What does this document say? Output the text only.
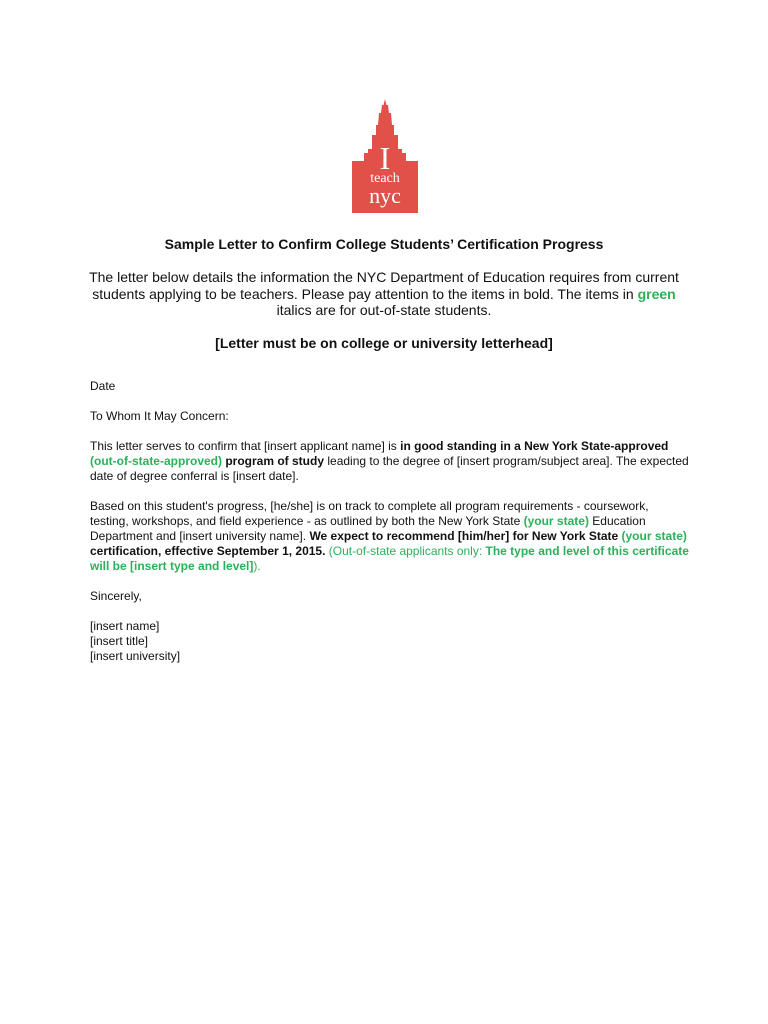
I
teach
nyc
Sample Letter to Confirm College Students’ Certification Progress
The letter below details the information the NYC Department of Education requires from current students applying to be teachers. Please pay attention to the items in bold. The items in green italics are for out-of-state students.
[Letter must be on college or university letterhead]

Date

To Whom It May Concern:

This letter serves to confirm that [insert applicant name] is in good standing in a New York State-approved (out-of-state-approved) program of study leading to the degree of [insert program/subject area]. The expected date of degree conferral is [insert date].

Based on this student's progress, [he/she] is on track to complete all program requirements - coursework, testing, workshops, and field experience - as outlined by both the New York State (your state) Education Department and [insert university name]. We expect to recommend [him/her] for New York State (your state) certification, effective September 1, 2015. (Out-of-state applicants only: The type and level of this certificate will be [insert type and level]).

Sincerely,

[insert name]

[insert title]

[insert university]
